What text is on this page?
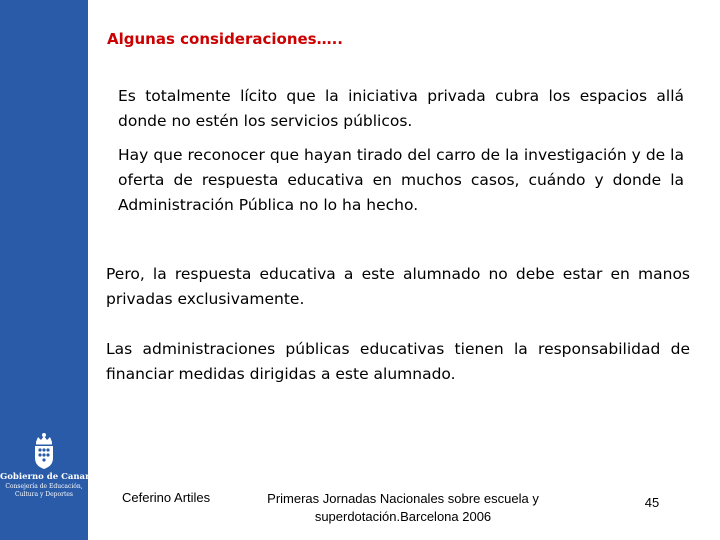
Gobierno de Canarias
Consejería de Educación,
Cultura y Deportes
Algunas consideraciones…..
Es totalmente lícito que la iniciativa privada cubra los espacios allá donde no estén los servicios públicos.
Hay que reconocer que hayan tirado del carro de la investigación y de la oferta de respuesta educativa en muchos casos, cuándo y donde la Administración Pública no lo ha hecho.
Pero, la respuesta educativa a este alumnado no debe estar en manos privadas exclusivamente.
Las administraciones públicas educativas tienen la responsabilidad de financiar medidas dirigidas a este alumnado.
Ceferino Artiles	Primeras Jornadas Nacionales sobre escuela y
superdotación.Barcelona 2006
45
